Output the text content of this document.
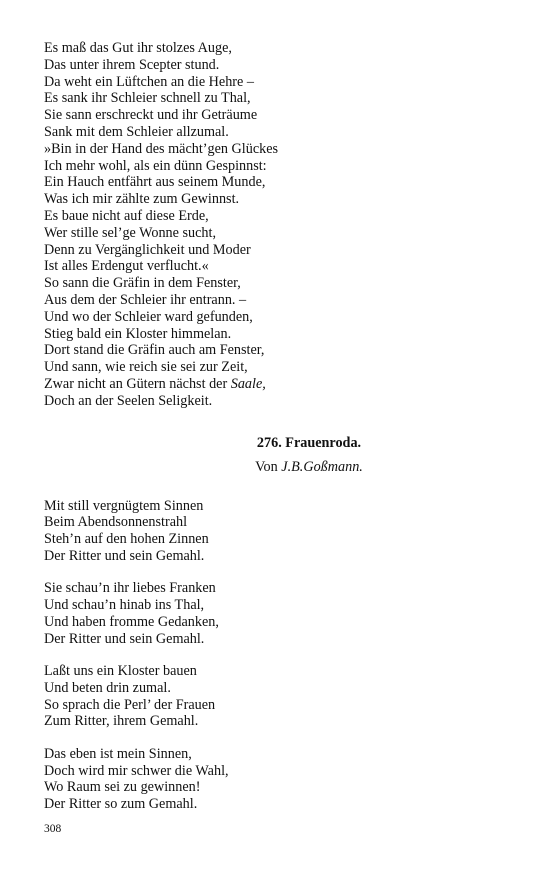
Es maß das Gut ihr stolzes Auge,
Das unter ihrem Scepter stund.
Da weht ein Lüftchen an die Hehre –
Es sank ihr Schleier schnell zu Thal,
Sie sann erschreckt und ihr Geträume
Sank mit dem Schleier allzumal.
»Bin in der Hand des mächt’gen Glückes
Ich mehr wohl, als ein dünn Gespinnst:
Ein Hauch entfährt aus seinem Munde,
Was ich mir zählte zum Gewinnst.
Es baue nicht auf diese Erde,
Wer stille sel’ge Wonne sucht,
Denn zu Vergänglichkeit und Moder
Ist alles Erdengut verflucht.«
So sann die Gräfin in dem Fenster,
Aus dem der Schleier ihr entrann. –
Und wo der Schleier ward gefunden,
Stieg bald ein Kloster himmelan.
Dort stand die Gräfin auch am Fenster,
Und sann, wie reich sie sei zur Zeit,
Zwar nicht an Gütern nächst der Saale,
Doch an der Seelen Seligkeit.
276. Frauenroda.
Von J.B.Goßmann.
Mit still vergnügtem Sinnen
Beim Abendsonnenstrahl
Steh’n auf den hohen Zinnen
Der Ritter und sein Gemahl.
Sie schau’n ihr liebes Franken
Und schau’n hinab ins Thal,
Und haben fromme Gedanken,
Der Ritter und sein Gemahl.
Laßt uns ein Kloster bauen
Und beten drin zumal.
So sprach die Perl’ der Frauen
Zum Ritter, ihrem Gemahl.
Das eben ist mein Sinnen,
Doch wird mir schwer die Wahl,
Wo Raum sei zu gewinnen!
Der Ritter so zum Gemahl.
308
